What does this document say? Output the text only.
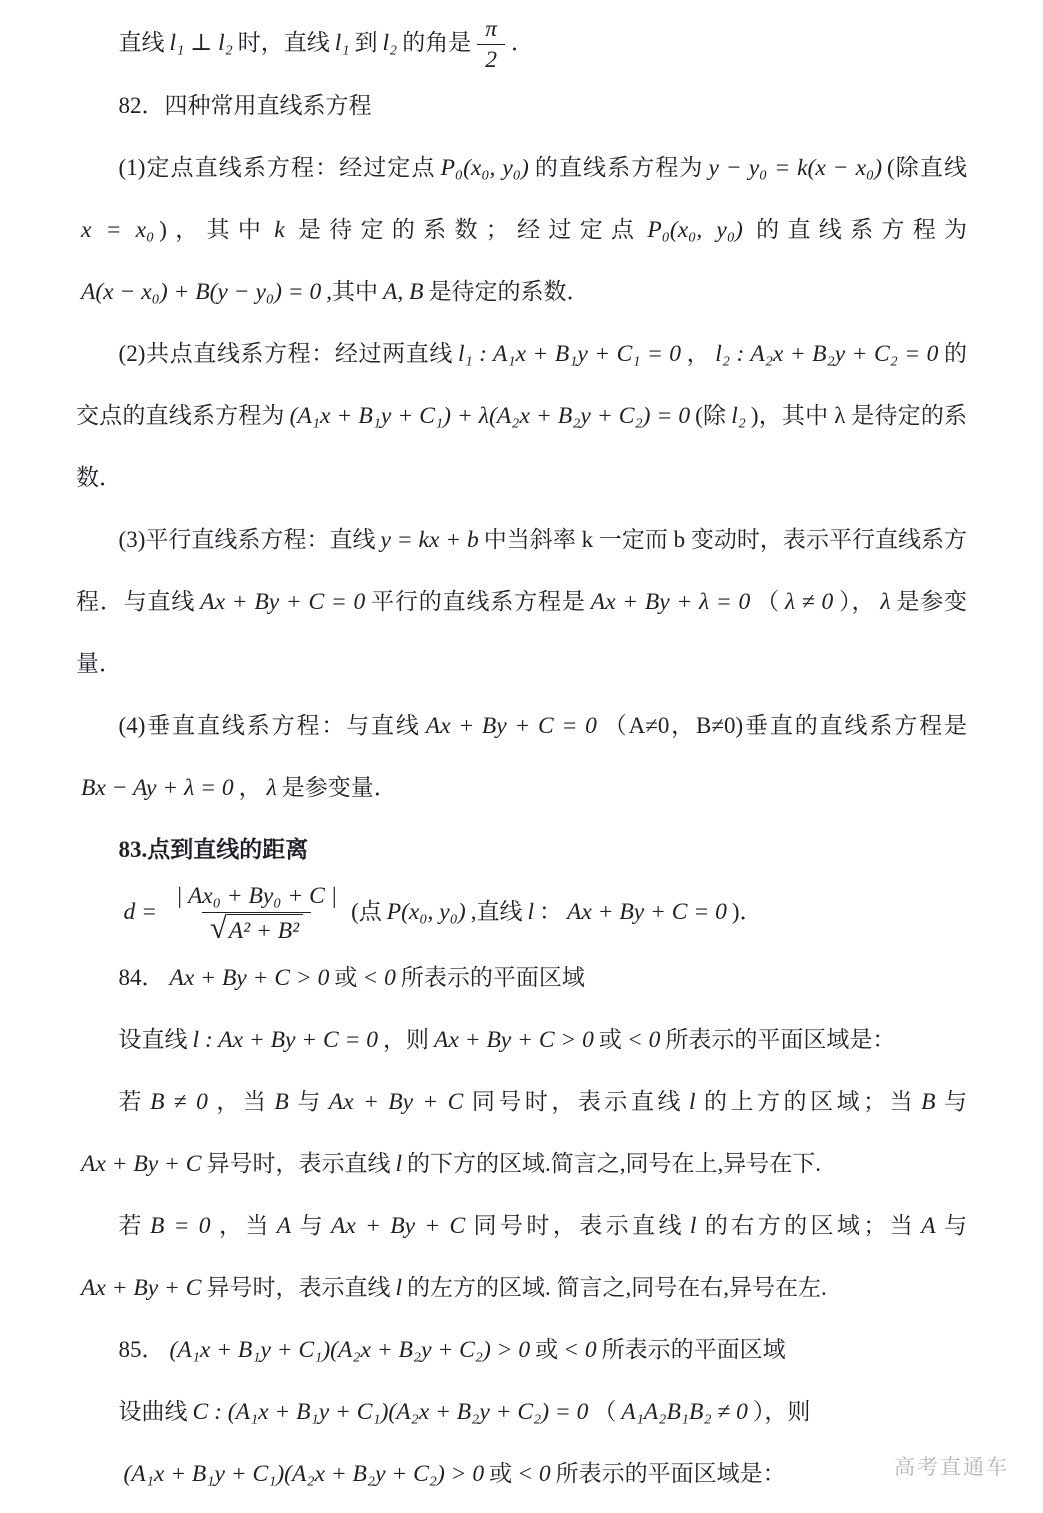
直线 l₁ ⊥ l₂ 时，直线 l₁ 到 l₂ 的角是 $\frac{\pi}{2}$ ．

82．四种常用直线系方程

(1)定点直线系方程：经过定点 P₀(x₀, y₀) 的直线系方程为 y − y₀ = k(x − x₀) (除直线x = x₀ )，其中 k 是待定的系数；经过定点 P₀(x₀, y₀) 的直线系方程为A(x − x₀) + B(y − y₀) = 0 ,其中 A, B 是待定的系数．

(2)共点直线系方程：经过两直线 l₁ : A₁x + B₁y + C₁ = 0 ， l₂ : A₂x + B₂y + C₂ = 0 的交点的直线系方程为 (A₁x + B₁y + C₁) + λ(A₂x + B₂y + C₂) = 0 (除 l₂ )，其中 λ 是待定的系数．

(3)平行直线系方程：直线 y = kx + b 中当斜率 k 一定而 b 变动时，表示平行直线系方程．与直线 Ax + By + C = 0 平行的直线系方程是 Ax + By + λ = 0 （ λ ≠ 0 ）， λ 是参变量．

(4)垂直直线系方程：与直线 Ax + By + C = 0 （A≠0，B≠0)垂直的直线系方程是Bx − Ay + λ = 0 ， λ 是参变量．

83.点到直线的距离

$d = \frac{\text{| Ax₀ + By₀ + C |}}{\text{√ A² + B²}}$ (点 P(x₀, y₀) ,直线 l ： Ax + By + C = 0 )．

84． Ax + By + C > 0 或 < 0 所表示的平面区域

设直线 l : Ax + By + C = 0 ，则 Ax + By + C > 0 或 < 0 所表示的平面区域是：

若 B ≠ 0 ，当 B 与 Ax + By + C 同号时，表示直线 l 的上方的区域；当 B 与Ax + By + C 异号时，表示直线 l 的下方的区域.简言之,同号在上,异号在下.

若 B = 0 ，当 A 与 Ax + By + C 同号时，表示直线 l 的右方的区域；当 A 与Ax + By + C 异号时，表示直线 l 的左方的区域. 简言之,同号在右,异号在左.

85． (A₁x + B₁y + C₁)(A₂x + B₂y + C₂) > 0 或 < 0 所表示的平面区域

设曲线 C : (A₁x + B₁y + C₁)(A₂x + B₂y + C₂) = 0 （ A₁A₂B₁B₂ ≠ 0 ），则

(A₁x + B₁y + C₁)(A₂x + B₂y + C₂) > 0 或 < 0 所表示的平面区域是：	高考直通车
